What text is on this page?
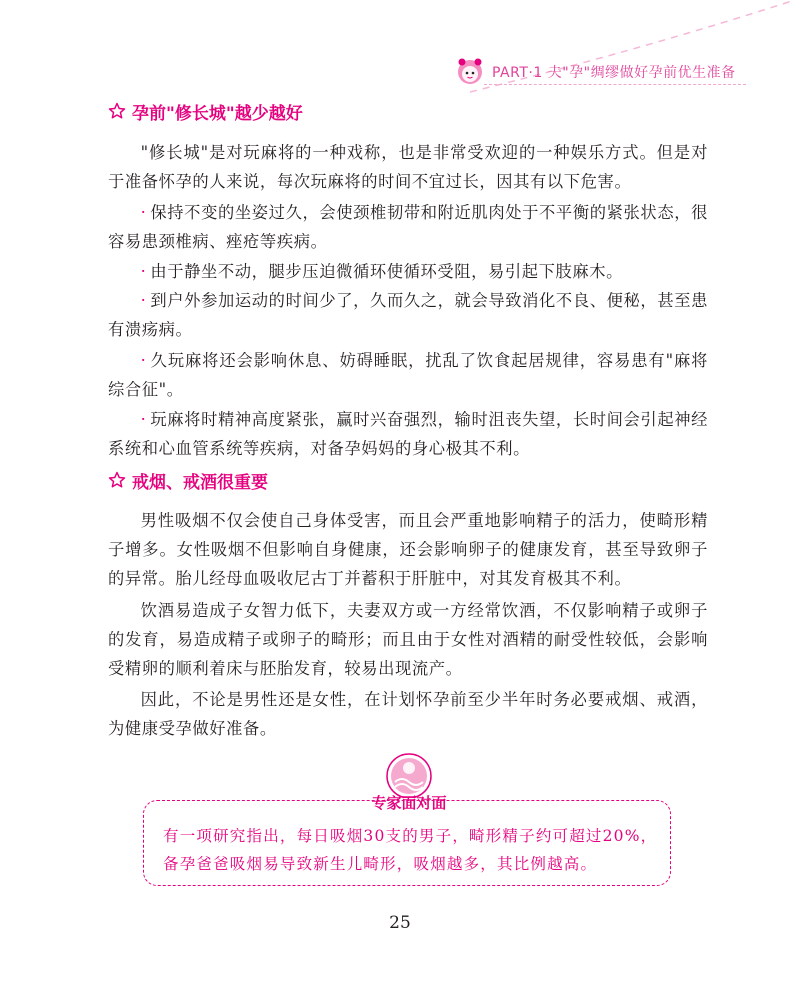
PART·1 夫"孕"绸缪做好孕前优生准备
孕前"修长城"越少越好

"修长城"是对玩麻将的一种戏称，也是非常受欢迎的一种娱乐方式。但是对于准备怀孕的人来说，每次玩麻将的时间不宜过长，因其有以下危害。

· 保持不变的坐姿过久，会使颈椎韧带和附近肌肉处于不平衡的紧张状态，很容易患颈椎病、痤疮等疾病。

· 由于静坐不动，腿步压迫微循环使循环受阻，易引起下肢麻木。

· 到户外参加运动的时间少了，久而久之，就会导致消化不良、便秘，甚至患有溃疡病。

· 久玩麻将还会影响休息、妨碍睡眠，扰乱了饮食起居规律，容易患有"麻将综合征"。

· 玩麻将时精神高度紧张，赢时兴奋强烈，输时沮丧失望，长时间会引起神经系统和心血管系统等疾病，对备孕妈妈的身心极其不利。

戒烟、戒酒很重要

男性吸烟不仅会使自己身体受害，而且会严重地影响精子的活力，使畸形精子增多。女性吸烟不但影响自身健康，还会影响卵子的健康发育，甚至导致卵子的异常。胎儿经母血吸收尼古丁并蓄积于肝脏中，对其发育极其不利。

饮酒易造成子女智力低下，夫妻双方或一方经常饮酒，不仅影响精子或卵子的发育，易造成精子或卵子的畸形；而且由于女性对酒精的耐受性较低，会影响受精卵的顺利着床与胚胎发育，较易出现流产。

因此，不论是男性还是女性，在计划怀孕前至少半年时务必要戒烟、戒酒，为健康受孕做好准备。

专家面对面
有一项研究指出，每日吸烟30支的男子，畸形精子约可超过20%，备孕爸爸吸烟易导致新生儿畸形，吸烟越多，其比例越高。
25
